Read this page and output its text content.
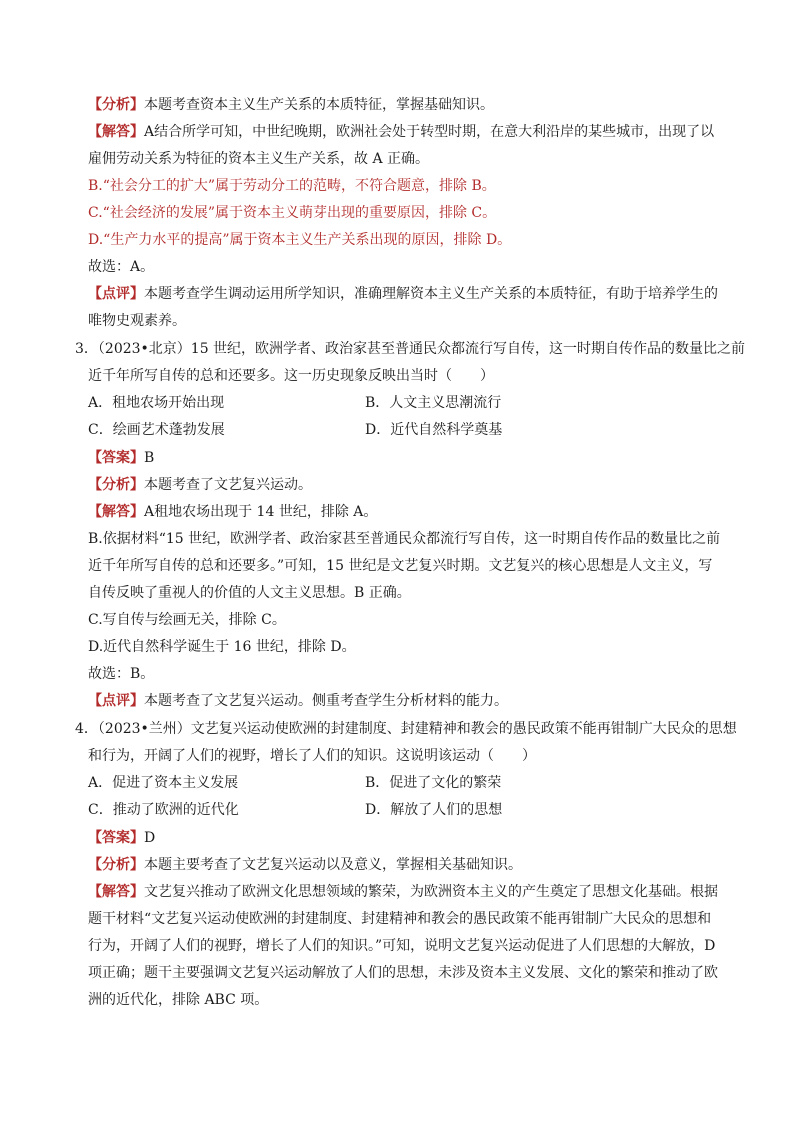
【分析】本题考查资本主义生产关系的本质特征，掌握基础知识。
【解答】A结合所学可知，中世纪晚期，欧洲社会处于转型时期，在意大利沿岸的某些城市，出现了以
雇佣劳动关系为特征的资本主义生产关系，故 A 正确。
B.“社会分工的扩大”属于劳动分工的范畴，不符合题意，排除 B。
C.“社会经济的发展”属于资本主义萌芽出现的重要原因，排除 C。
D.“生产力水平的提高”属于资本主义生产关系出现的原因，排除 D。
故选：A。
【点评】本题考查学生调动运用所学知识，准确理解资本主义生产关系的本质特征，有助于培养学生的
唯物史观素养。
3．（2023•北京）15 世纪，欧洲学者、政治家甚至普通民众都流行写自传，这一时期自传作品的数量比之前
近千年所写自传的总和还要多。这一历史现象反映出当时（　　）
A．租地农场开始出现	B．人文主义思潮流行
C．绘画艺术蓬勃发展	D．近代自然科学奠基
【答案】B
【分析】本题考查了文艺复兴运动。
【解答】A租地农场出现于 14 世纪，排除 A。
B.依据材料“15 世纪，欧洲学者、政治家甚至普通民众都流行写自传，这一时期自传作品的数量比之前
近千年所写自传的总和还要多。”可知，15 世纪是文艺复兴时期。文艺复兴的核心思想是人文主义，写
自传反映了重视人的价值的人文主义思想。B 正确。
C.写自传与绘画无关，排除 C。
D.近代自然科学诞生于 16 世纪，排除 D。
故选：B。
【点评】本题考查了文艺复兴运动。侧重考查学生分析材料的能力。
4．（2023•兰州）文艺复兴运动使欧洲的封建制度、封建精神和教会的愚民政策不能再钳制广大民众的思想
和行为，开阔了人们的视野，增长了人们的知识。这说明该运动（　　）
A．促进了资本主义发展	B．促进了文化的繁荣
C．推动了欧洲的近代化	D．解放了人们的思想
【答案】D
【分析】本题主要考查了文艺复兴运动以及意义，掌握相关基础知识。
【解答】文艺复兴推动了欧洲文化思想领域的繁荣，为欧洲资本主义的产生奠定了思想文化基础。根据
题干材料“文艺复兴运动使欧洲的封建制度、封建精神和教会的愚民政策不能再钳制广大民众的思想和
行为，开阔了人们的视野，增长了人们的知识。”可知，说明文艺复兴运动促进了人们思想的大解放，D
项正确；题干主要强调文艺复兴运动解放了人们的思想，未涉及资本主义发展、文化的繁荣和推动了欧
洲的近代化，排除 ABC 项。
